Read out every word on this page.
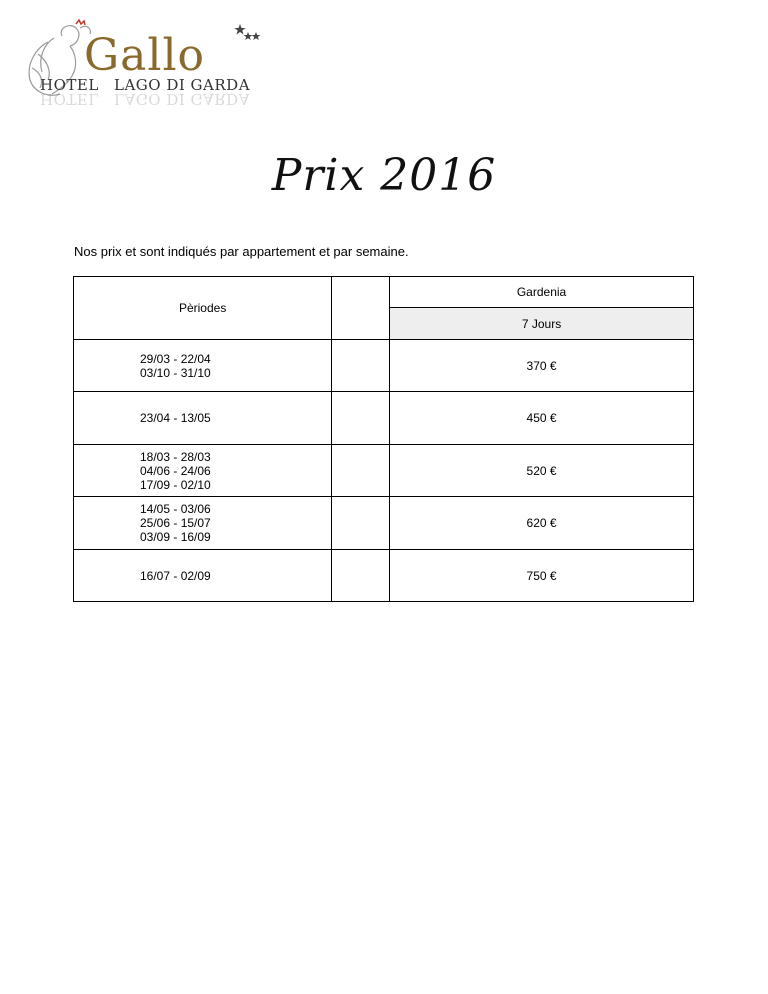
Gallo
HOTEL LAGO DI GARDA
HOTEL LAGO DI GARDA
Prix 2016
Nos prix et sont indiqués par appartement et par semaine.
Pèriodes		Gardenia
		7 Jours

29/03 - 22/04
03/10 - 31/10		370 €

23/04 - 13/05		450 €

18/03 - 28/03
04/06 - 24/06
17/09 - 02/10		520 €

14/05 - 03/06
25/06 - 15/07
03/09 - 16/09		620 €

16/07 - 02/09		750 €
